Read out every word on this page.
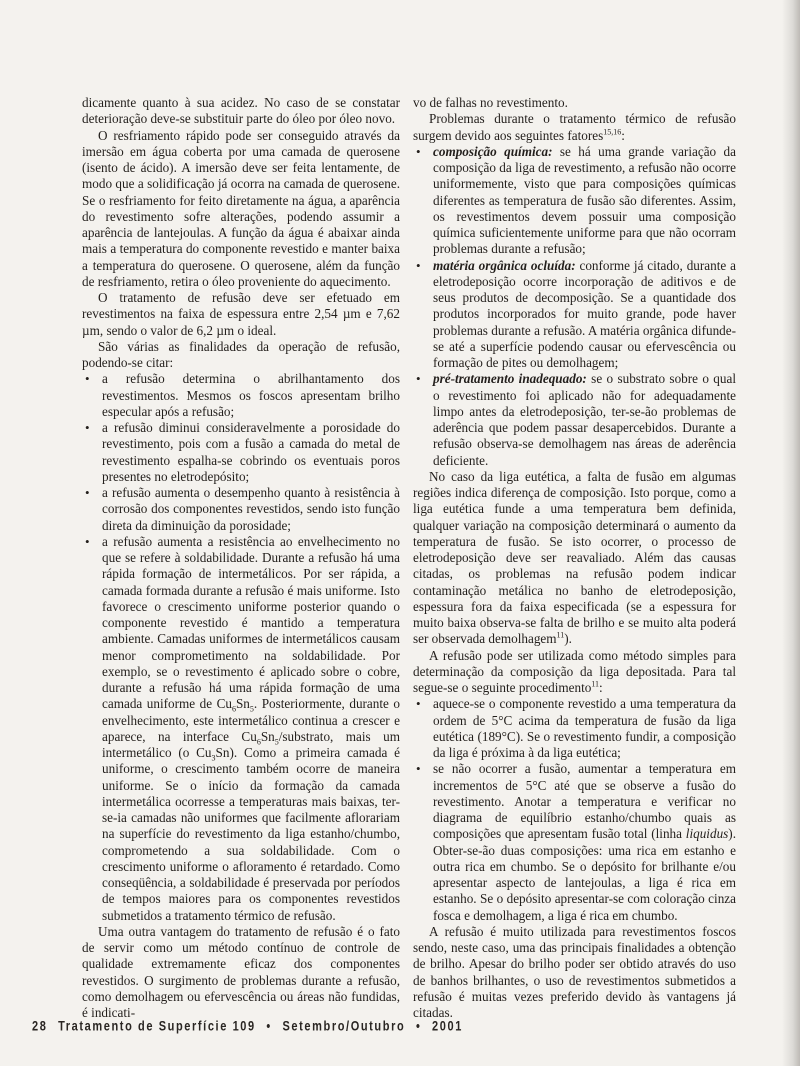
dicamente quanto à sua acidez. No caso de se constatar deterioração deve-se substituir parte do óleo por óleo novo.

O resfriamento rápido pode ser conseguido através da imersão em água coberta por uma camada de querosene (isento de ácido). A imersão deve ser feita lentamente, de modo que a solidificação já ocorra na camada de querosene. Se o resfriamento for feito diretamente na água, a aparência do revestimento sofre alterações, podendo assumir a aparência de lantejoulas. A função da água é abaixar ainda mais a temperatura do componente revestido e manter baixa a temperatura do querosene. O querosene, além da função de resfriamento, retira o óleo proveniente do aquecimento.

O tratamento de refusão deve ser efetuado em revestimentos na faixa de espessura entre 2,54 µm e 7,62 µm, sendo o valor de 6,2 µm o ideal.

São várias as finalidades da operação de refusão, podendo-se citar:

• a refusão determina o abrilhantamento dos revestimentos. Mesmos os foscos apresentam brilho especular após a refusão;
• a refusão diminui consideravelmente a porosidade do revestimento, pois com a fusão a camada do metal de revestimento espalha-se cobrindo os eventuais poros presentes no eletrodepósito;
• a refusão aumenta o desempenho quanto à resistência à corrosão dos componentes revestidos, sendo isto função direta da diminuição da porosidade;
• a refusão aumenta a resistência ao envelhecimento no que se refere à soldabilidade. Durante a refusão há uma rápida formação de intermetálicos. Por ser rápida, a camada formada durante a refusão é mais uniforme. Isto favorece o crescimento uniforme posterior quando o componente revestido é mantido a temperatura ambiente. Camadas uniformes de intermetálicos causam menor comprometimento na soldabilidade. Por exemplo, se o revestimento é aplicado sobre o cobre, durante a refusão há uma rápida formação de uma camada uniforme de $Cu_6Sn_5$. Posteriormente, durante o envelhecimento, este intermetálico continua a crescer e aparece, na interface $Cu_6Sn_5$/substrato, mais um intermetálico (o $Cu_3Sn$). Como a primeira camada é uniforme, o crescimento também ocorre de maneira uniforme. Se o início da formação da camada intermetálica ocorresse a temperaturas mais baixas, ter-se-ia camadas não uniformes que facilmente aflorariam na superfície do revestimento da liga estanho/chumbo, comprometendo a sua soldabilidade. Com o crescimento uniforme o afloramento é retardado. Como conseqüência, a soldabilidade é preservada por períodos de tempos maiores para os componentes revestidos submetidos a tratamento térmico de refusão.

Uma outra vantagem do tratamento de refusão é o fato de servir como um método contínuo de controle de qualidade extremamente eficaz dos componentes revestidos. O surgimento de problemas durante a refusão, como demolhagem ou efervescência ou áreas não fundidas, é indicati-

vo de falhas no revestimento.

Problemas durante o tratamento térmico de refusão surgem devido aos seguintes fatores$^{15,16}$:

• composição química: se há uma grande variação da composição da liga de revestimento, a refusão não ocorre uniformemente, visto que para composições químicas diferentes as temperatura de fusão são diferentes. Assim, os revestimentos devem possuir uma composição química suficientemente uniforme para que não ocorram problemas durante a refusão;
• matéria orgânica ocluída: conforme já citado, durante a eletrodeposição ocorre incorporação de aditivos e de seus produtos de decomposição. Se a quantidade dos produtos incorporados for muito grande, pode haver problemas durante a refusão. A matéria orgânica difunde-se até a superfície podendo causar ou efervescência ou formação de pites ou demolhagem;
• pré-tratamento inadequado: se o substrato sobre o qual o revestimento foi aplicado não for adequadamente limpo antes da eletrodeposição, ter-se-ão problemas de aderência que podem passar desapercebidos. Durante a refusão observa-se demolhagem nas áreas de aderência deficiente.

No caso da liga eutética, a falta de fusão em algumas regiões indica diferença de composição. Isto porque, como a liga eutética funde a uma temperatura bem definida, qualquer variação na composição determinará o aumento da temperatura de fusão. Se isto ocorrer, o processo de eletrodeposição deve ser reavaliado. Além das causas citadas, os problemas na refusão podem indicar contaminação metálica no banho de eletrodeposição, espessura fora da faixa especificada (se a espessura for muito baixa observa-se falta de brilho e se muito alta poderá ser observada demolhagem$^{11}$).

A refusão pode ser utilizada como método simples para determinação da composição da liga depositada. Para tal segue-se o seguinte procedimento$^{11}$:

• aquece-se o componente revestido a uma temperatura da ordem de 5°C acima da temperatura de fusão da liga eutética (189°C). Se o revestimento fundir, a composição da liga é próxima à da liga eutética;
• se não ocorrer a fusão, aumentar a temperatura em incrementos de 5°C até que se observe a fusão do revestimento. Anotar a temperatura e verificar no diagrama de equilíbrio estanho/chumbo quais as composições que apresentam fusão total (linha liquidus). Obter-se-ão duas composições: uma rica em estanho e outra rica em chumbo. Se o depósito for brilhante e/ou apresentar aspecto de lantejoulas, a liga é rica em estanho. Se o depósito apresentar-se com coloração cinza fosca e demolhagem, a liga é rica em chumbo.

A refusão é muito utilizada para revestimentos foscos sendo, neste caso, uma das principais finalidades a obtenção de brilho. Apesar do brilho poder ser obtido através do uso de banhos brilhantes, o uso de revestimentos submetidos a refusão é muitas vezes preferido devido às vantagens já citadas.

28 Tratamento de Superfície 109 • Setembro/Outubro • 2001
